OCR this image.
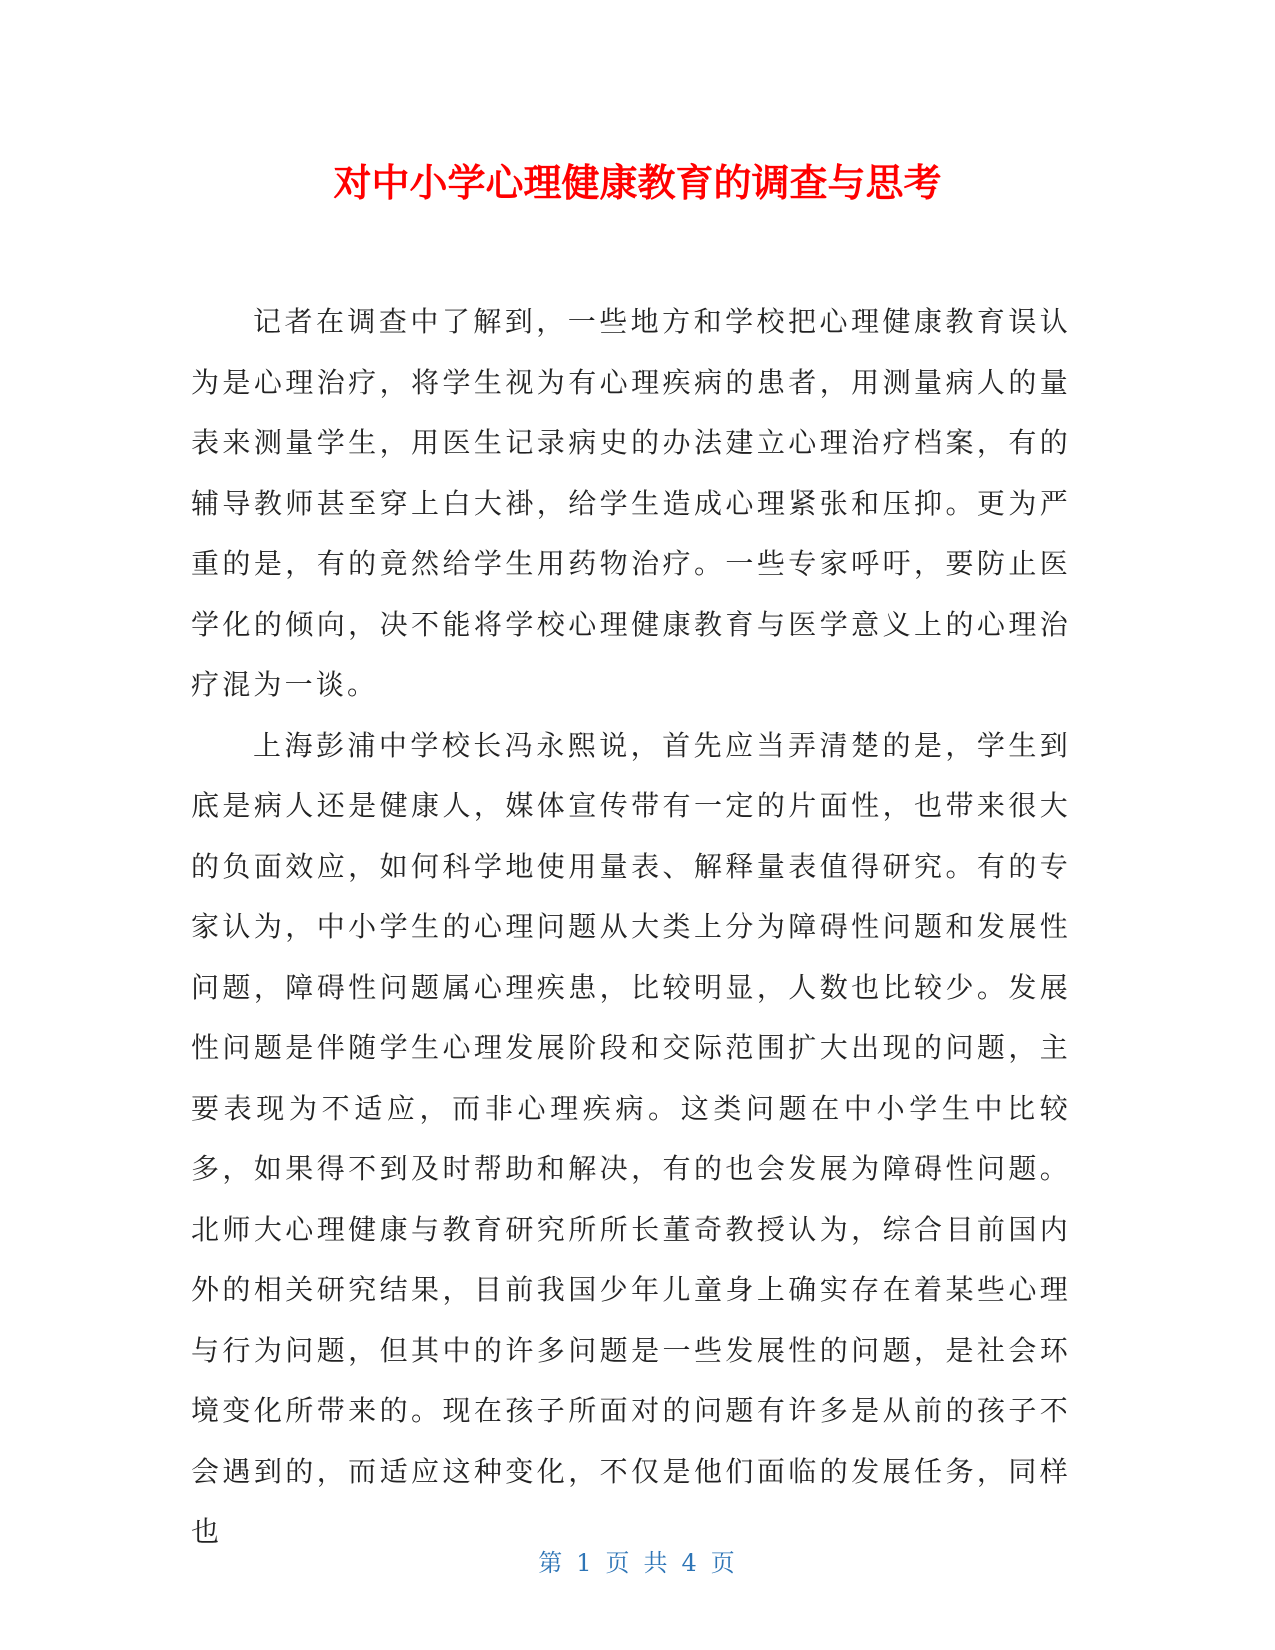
对中小学心理健康教育的调查与思考

记者在调查中了解到，一些地方和学校把心理健康教育误认为是心理治疗，将学生视为有心理疾病的患者，用测量病人的量表来测量学生，用医生记录病史的办法建立心理治疗档案，有的辅导教师甚至穿上白大褂，给学生造成心理紧张和压抑。更为严重的是，有的竟然给学生用药物治疗。一些专家呼吁，要防止医学化的倾向，决不能将学校心理健康教育与医学意义上的心理治疗混为一谈。

上海彭浦中学校长冯永熙说，首先应当弄清楚的是，学生到底是病人还是健康人，媒体宣传带有一定的片面性，也带来很大的负面效应，如何科学地使用量表、解释量表值得研究。有的专家认为，中小学生的心理问题从大类上分为障碍性问题和发展性问题，障碍性问题属心理疾患，比较明显，人数也比较少。发展性问题是伴随学生心理发展阶段和交际范围扩大出现的问题，主要表现为不适应，而非心理疾病。这类问题在中小学生中比较多，如果得不到及时帮助和解决，有的也会发展为障碍性问题。北师大心理健康与教育研究所所长董奇教授认为，综合目前国内外的相关研究结果，目前我国少年儿童身上确实存在着某些心理与行为问题，但其中的许多问题是一些发展性的问题，是社会环境变化所带来的。现在孩子所面对的问题有许多是从前的孩子不会遇到的，而适应这种变化，不仅是他们面临的发展任务，同样也

第 1 页 共 4 页
